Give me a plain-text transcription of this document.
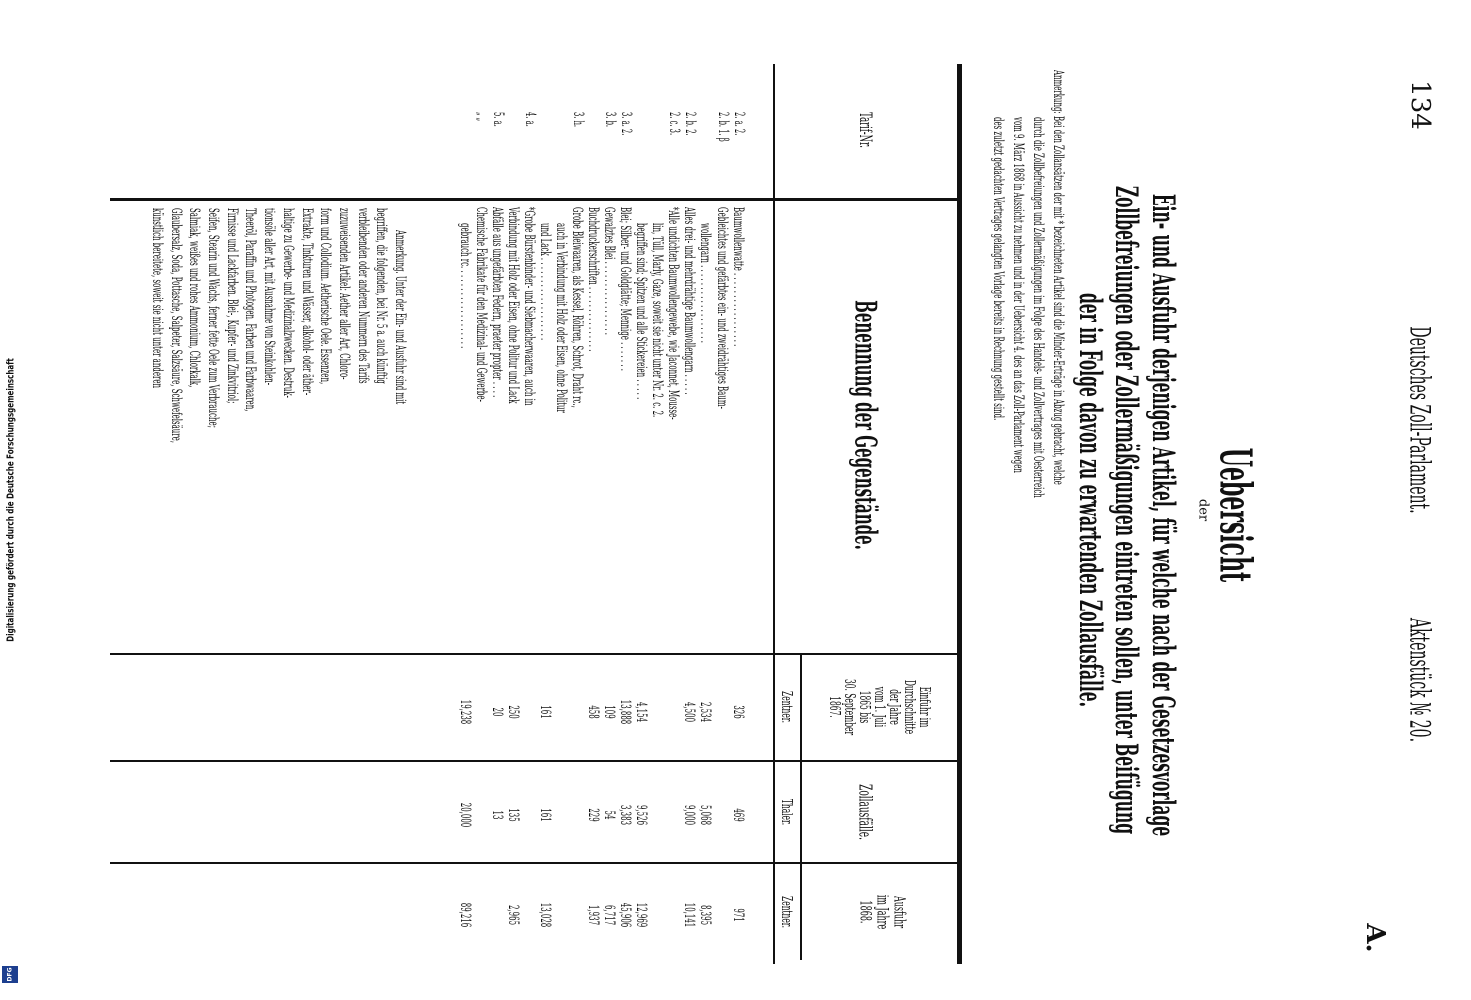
134
Deutsches Zoll-Parlament.
Aktenstück № 20.
A.
Uebersicht
der
Ein- und Ausfuhr derjenigen Artikel, für welche nach der Gesetzesvorlage
Zollbefreiungen oder Zollermäßigungen eintreten sollen, unter Beifügung
der in Folge davon zu erwartenden Zollausfälle.
Anmerkung: Bei den Zollansätzen der mit * bezeichneten Artikel sind die Minder-Erträge in Abzug gebracht, welche
durch die Zollbefreiungen und Zollermäßigungen im Folge des Handels- und Zollvertrages mit Oesterreich
vom 9. März 1868 in Aussicht zu nehmen und in der Uebersicht 4. des an das Zoll-Parlament wegen
des zuletzt gedachten Vertrages gelangten Vorlage bereits in Rechnung gestellt sind.
Tarif-Nr.
Benennung der Gegenstände.
Einfuhr im
Durchschnitte
der Jahre
vom 1. Juli
1865 bis
30. September
1867.
Zollausfälle.
Ausfuhr
im Jahre
1868.
Zentner.
Thaler.
Zentner.
2. a. 2.
Baumwollenwatte . . . . . . . . . . . . . . . . .
326
469
971
2. b. 1. β
Gebleichtes und gefärbtes ein- und zweidrähtiges Baum-
wollengarn . . . . . . . . . . . . . . . . . .
2,534
5,068
8,395
2. b. 2.
Alles drei- und mehrdrähtige Baumwollengarn . . . . .
4,500
9,000
10,141
2. c. 3.
*Alle undichten Baumwollengewebe, wie Jaconnet, Mousse-
lin, Tüll, Marly, Gaze, soweit sie nicht unter Nr. 2. c. 2.
begriffen sind; Spitzen und alle Stickereien . . . . .
4,154
9,526
12,969
3. a. 2.
Blei; Silber- und Goldglätte; Mennige . . . . . . .
13,888
3,383
45,906
3. b.
Gewalztes Blei . . . . . . . . . . . . . . . . .
109
54
6,717
Buchdruckerschriften . . . . . . . . . . . . . . .
458
229
1,937
3. h.
Grobe Bleiwaaren, als Kessel, Röhren, Schrot, Draht rc.,
auch in Verbindung mit Holz oder Eisen, ohne Politur
und Lack . . . . . . . . . . . . . . . . . . .
161
161
13,028
4. a.
*Grobe Bürstenbinder- und Siebmacherwaaren, auch in
Verbindung mit Holz oder Eisen, ohne Politur und Lack
250
135
2,965
5. a.
Abfälle aus ungefärbten Federn, praeter propter . . . .
20
13
„ „
Chemische Fabrikate für den Medizinal- und Gewerbe-
gebrauch rc. . . . . . . . . . . . . . . . . . .
19,238
20,000
89,216
Anmerkung. Unter der Ein- und Ausfuhr sind mit
begriffen, die folgenden, bei Nr. 5 a. auch künftig
verbleibenden oder anderen Nummern des Tarifs
zuzuweisenden Artikel: Aether aller Art, Chloro-
form und Collodium. Aetherische Oele. Essenzen,
Extrakte, Tinkturen und Wässer, alkohol- oder äther-
haltige zu Gewerbe- und Medizinalzwecken. Destruk-
tionsöle aller Art, mit Ausnahme von Steinkohlen-
Theeröl, Paraffin und Photogen. Farben und Farbwaaren,
Firnisse und Lackfarben. Blei-, Kupfer- und Zinkvitriol;
Seifen, Stearin und Wachs, ferner fette Oele zum Verbrauche;
Salmiak, weißes und rohes Ammonium, Chlorkalk,
Glaubersalz, Soda, Pottasche, Salpeter, Salzsäure, Schwefelsäure,
künstlich bereitete, soweit sie nicht unter anderen
Digitalisierung gefördert durch die Deutsche Forschungsgemeinschaft
DFG
